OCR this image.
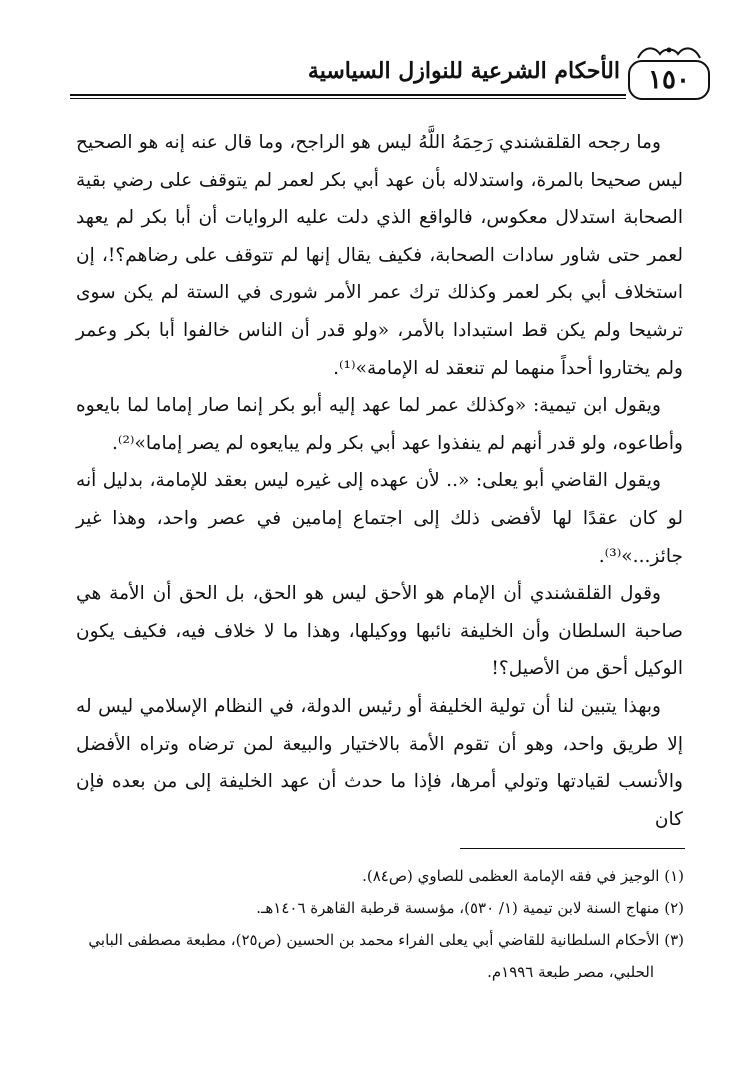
١٥٠
الأحكام الشرعية للنوازل السياسية

وما رجحه القلقشندي رَحِمَهُ اللَّهُ ليس هو الراجح، وما قال عنه إنه هو الصحيح ليس صحيحا بالمرة، واستدلاله بأن عهد أبي بكر لعمر لم يتوقف على رضي بقية الصحابة استدلال معكوس، فالواقع الذي دلت عليه الروايات أن أبا بكر لم يعهد لعمر حتى شاور سادات الصحابة، فكيف يقال إنها لم تتوقف على رضاهم؟!، إن استخلاف أبي بكر لعمر وكذلك ترك عمر الأمر شورى في الستة لم يكن سوى ترشيحا ولم يكن قط استبدادا بالأمر، «ولو قدر أن الناس خالفوا أبا بكر وعمر ولم يختاروا أحداً منهما لم تنعقد له الإمامة»⁽¹⁾.

ويقول ابن تيمية: «وكذلك عمر لما عهد إليه أبو بكر إنما صار إماما لما بايعوه وأطاعوه، ولو قدر أنهم لم ينفذوا عهد أبي بكر ولم يبايعوه لم يصر إماما»⁽²⁾.

ويقول القاضي أبو يعلى: «.. لأن عهده إلى غيره ليس بعقد للإمامة، بدليل أنه لو كان عقدًا لها لأفضى ذلك إلى اجتماع إمامين في عصر واحد، وهذا غير جائز...»⁽³⁾.

وقول القلقشندي أن الإمام هو الأحق ليس هو الحق، بل الحق أن الأمة هي صاحبة السلطان وأن الخليفة نائبها ووكيلها، وهذا ما لا خلاف فيه، فكيف يكون الوكيل أحق من الأصيل؟!

وبهذا يتبين لنا أن تولية الخليفة أو رئيس الدولة، في النظام الإسلامي ليس له إلا طريق واحد، وهو أن تقوم الأمة بالاختيار والبيعة لمن ترضاه وتراه الأفضل والأنسب لقيادتها وتولي أمرها، فإذا ما حدث أن عهد الخليفة إلى من بعده فإن كان

(١) الوجيز في فقه الإمامة العظمى للصاوي (ص٨٤).
(٢) منهاج السنة لابن تيمية (١/ ٥٣٠)، مؤسسة قرطبة القاهرة ١٤٠٦هـ.
(٣) الأحكام السلطانية للقاضي أبي يعلى الفراء محمد بن الحسين (ص٢٥)، مطبعة مصطفى البابي
الحلبي، مصر طبعة ١٩٩٦م.
